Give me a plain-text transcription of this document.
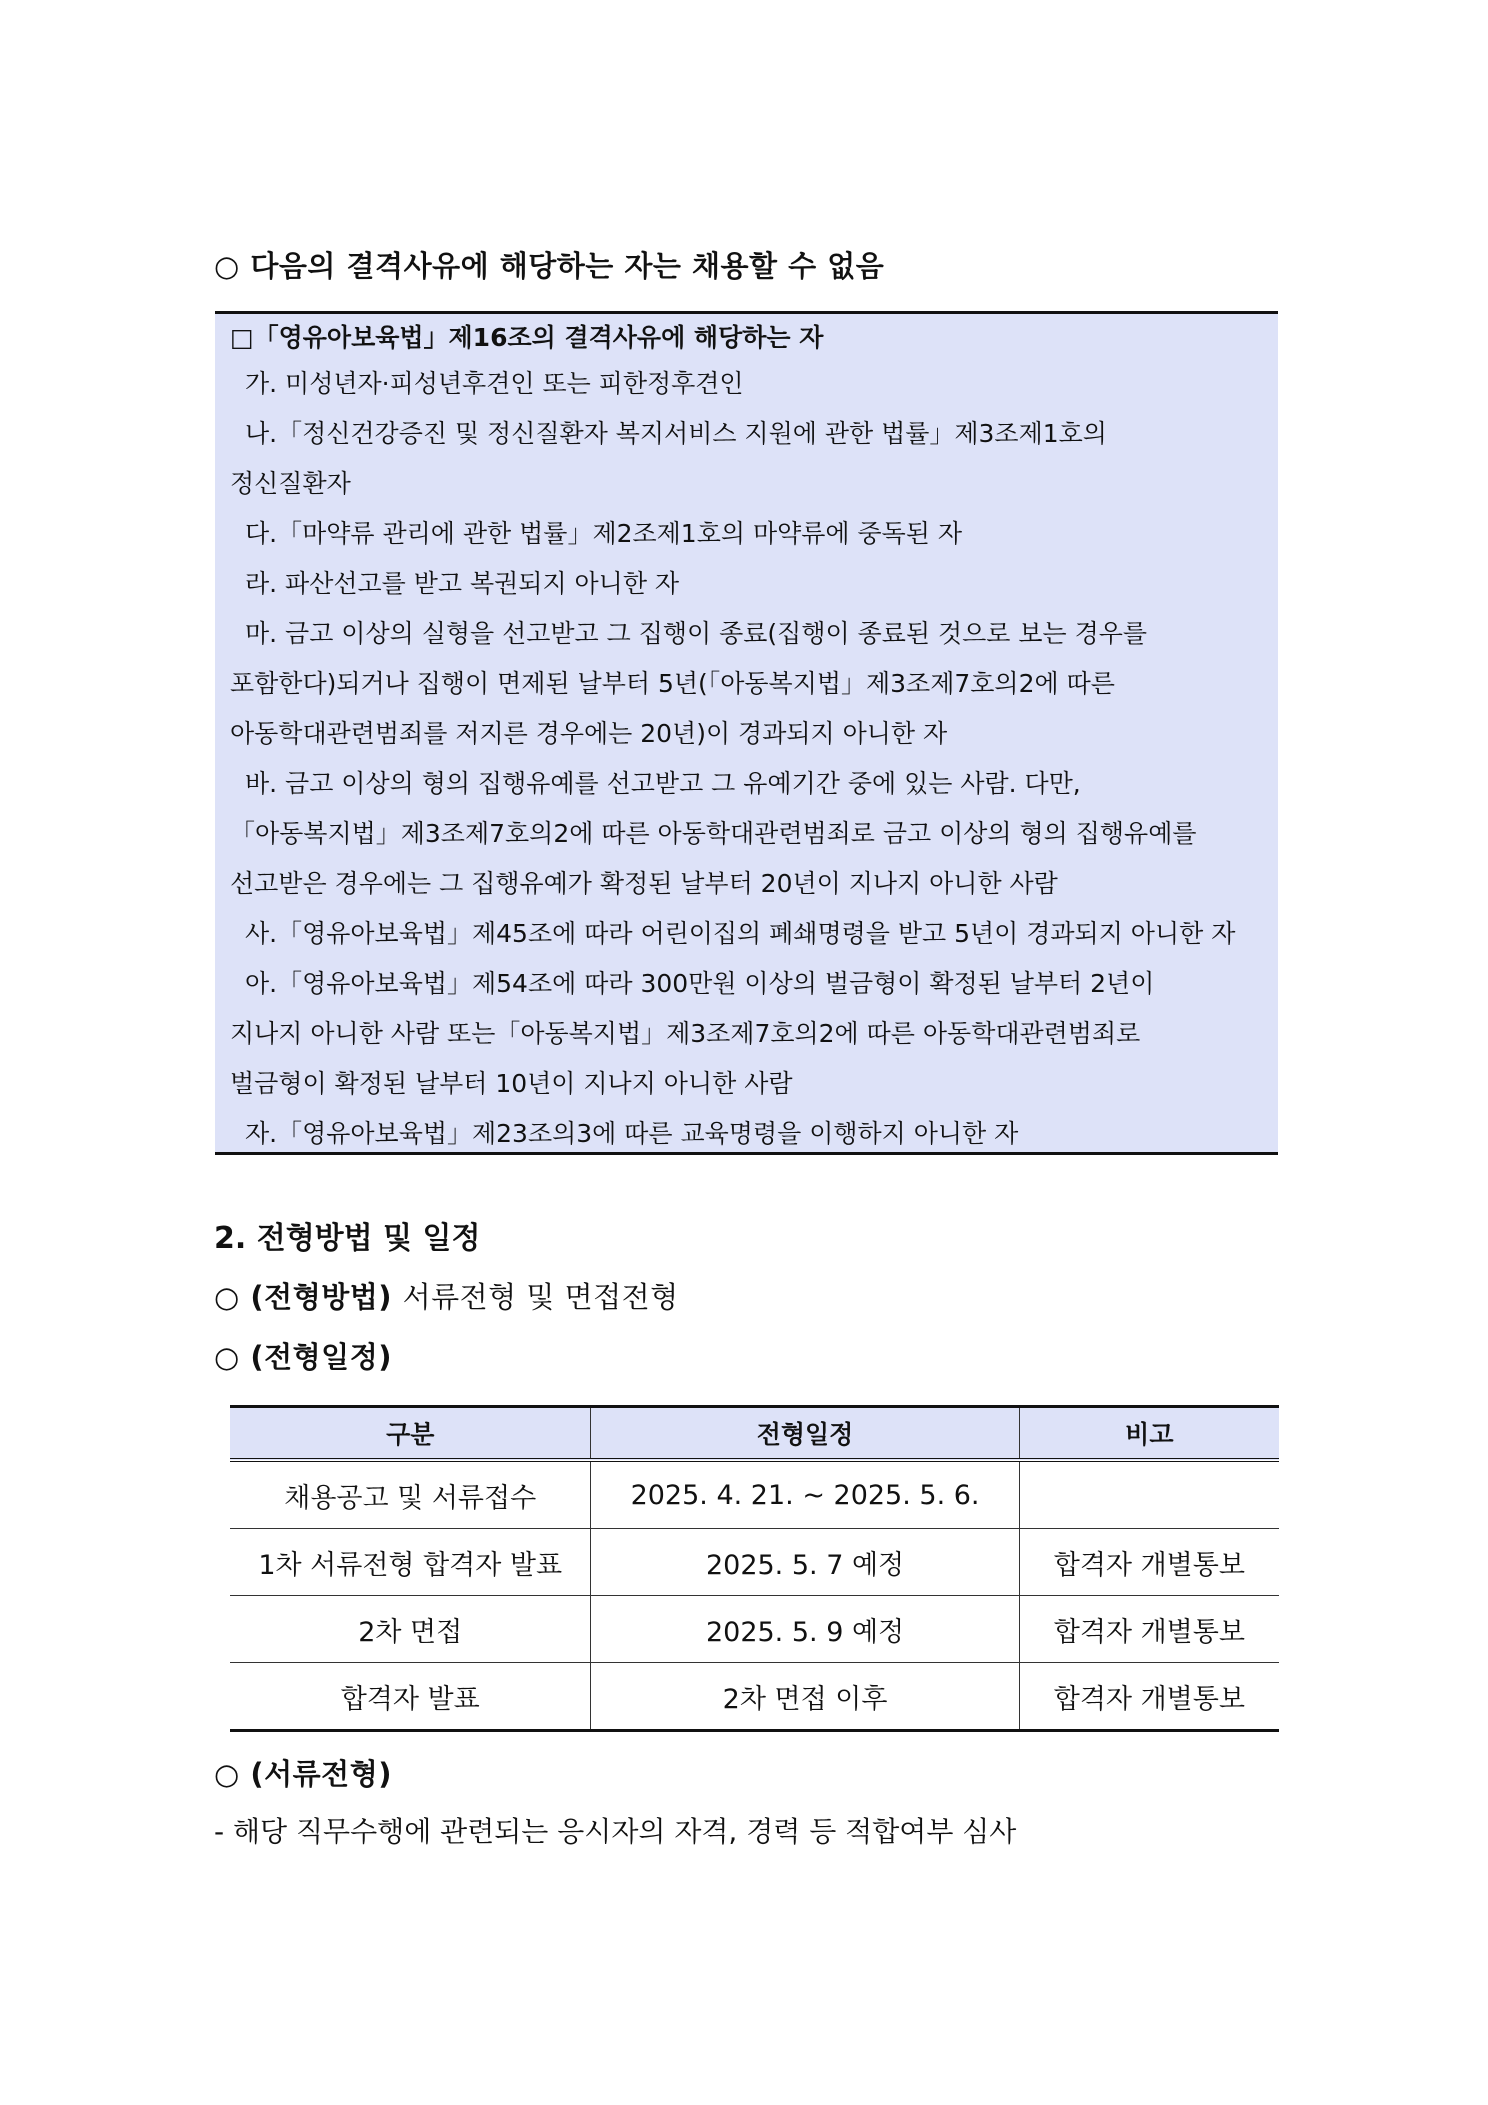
○ 다음의 결격사유에 해당하는 자는 채용할 수 없음
□「영유아보육법」제16조의 결격사유에 해당하는 자
가. 미성년자·피성년후견인 또는 피한정후견인
나.「정신건강증진 및 정신질환자 복지서비스 지원에 관한 법률」제3조제1호의
정신질환자
다.「마약류 관리에 관한 법률」제2조제1호의 마약류에 중독된 자
라. 파산선고를 받고 복권되지 아니한 자
마. 금고 이상의 실형을 선고받고 그 집행이 종료(집행이 종료된 것으로 보는 경우를
포함한다)되거나 집행이 면제된 날부터 5년(「아동복지법」제3조제7호의2에 따른
아동학대관련범죄를 저지른 경우에는 20년)이 경과되지 아니한 자
바. 금고 이상의 형의 집행유예를 선고받고 그 유예기간 중에 있는 사람. 다만,
「아동복지법」제3조제7호의2에 따른 아동학대관련범죄로 금고 이상의 형의 집행유예를
선고받은 경우에는 그 집행유예가 확정된 날부터 20년이 지나지 아니한 사람
사.「영유아보육법」제45조에 따라 어린이집의 폐쇄명령을 받고 5년이 경과되지 아니한 자
아.「영유아보육법」제54조에 따라 300만원 이상의 벌금형이 확정된 날부터 2년이
지나지 아니한 사람 또는「아동복지법」제3조제7호의2에 따른 아동학대관련범죄로
벌금형이 확정된 날부터 10년이 지나지 아니한 사람
자.「영유아보육법」제23조의3에 따른 교육명령을 이행하지 아니한 자
2. 전형방법 및 일정
○ (전형방법) 서류전형 및 면접전형
○ (전형일정)
구분	전형일정	비고
채용공고 및 서류접수	2025. 4. 21. ~ 2025. 5. 6.	
1차 서류전형 합격자 발표	2025. 5. 7 예정	합격자 개별통보
2차 면접	2025. 5. 9 예정	합격자 개별통보
합격자 발표	2차 면접 이후	합격자 개별통보
○ (서류전형)
- 해당 직무수행에 관련되는 응시자의 자격, 경력 등 적합여부 심사
